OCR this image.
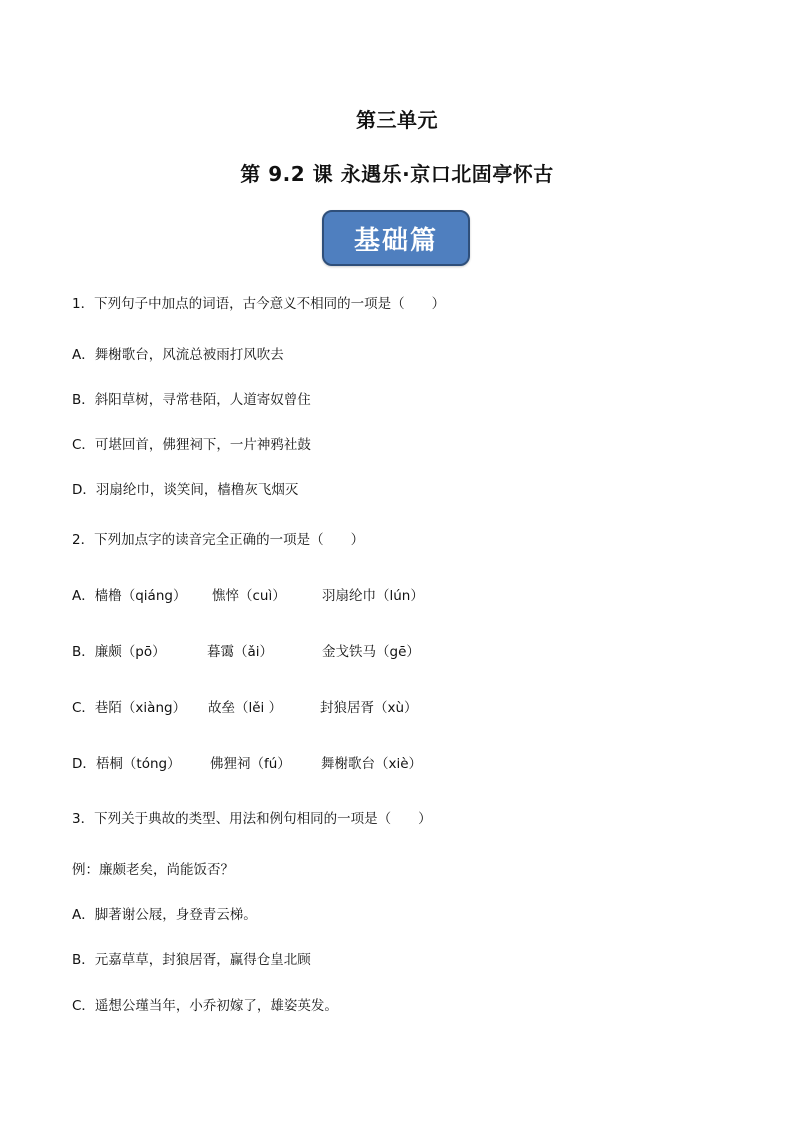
第三单元
第 9.2 课 永遇乐·京口北固亭怀古
基础篇
1．下列句子中加点的词语，古今意义不相同的一项是（　　）
A．舞榭歌台，风流总被雨打风吹去
B．斜阳草树，寻常巷陌，人道寄奴曾住
C．可堪回首，佛狸祠下，一片神鸦社鼓
D．羽扇纶巾，谈笑间，樯橹灰飞烟灭
2．下列加点字的读音完全正确的一项是（　　）
A．樯橹（qiáng） 憔悴（cuì）	羽扇纶巾（lún）
B．廉颇（pō）	暮霭（ǎi）	金戈铁马（gē）
C．巷陌（xiàng） 故垒（lěi ）	封狼居胥（xù）
D．梧桐（tóng） 佛狸祠（fú） 舞榭歌台（xiè）
3．下列关于典故的类型、用法和例句相同的一项是（　　）
例：廉颇老矣，尚能饭否？
A．脚著谢公屐，身登青云梯。
B．元嘉草草，封狼居胥，赢得仓皇北顾
C．遥想公瑾当年，小乔初嫁了，雄姿英发。
